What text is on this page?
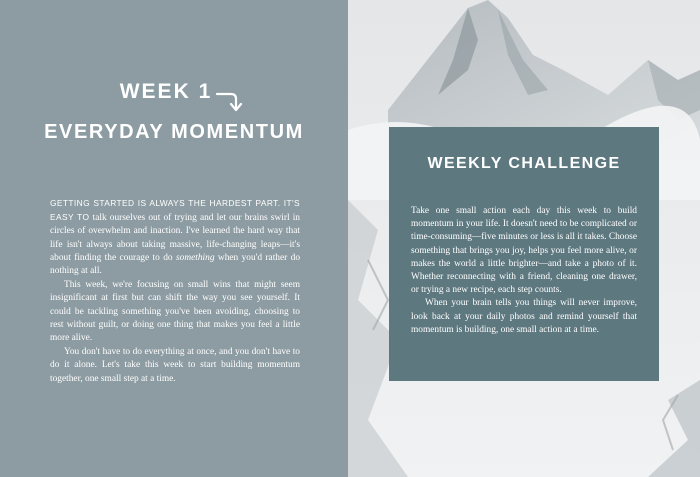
WEEK 1
EVERYDAY MOMENTUM

GETTING STARTED IS ALWAYS THE HARDEST PART. IT'S EASY TO talk ourselves out of trying and let our brains swirl in circles of overwhelm and inaction. I've learned the hard way that life isn't always about taking massive, life-changing leaps—it's about finding the courage to do something when you'd rather do nothing at all.

This week, we're focusing on small wins that might seem insignificant at first but can shift the way you see yourself. It could be tackling something you've been avoiding, choosing to rest without guilt, or doing one thing that makes you feel a little more alive.

You don't have to do everything at once, and you don't have to do it alone. Let's take this week to start building momentum together, one small step at a time.

WEEKLY CHALLENGE

Take one small action each day this week to build momentum in your life. It doesn't need to be complicated or time-consuming—five minutes or less is all it takes. Choose something that brings you joy, helps you feel more alive, or makes the world a little brighter—and take a photo of it. Whether reconnecting with a friend, cleaning one drawer, or trying a new recipe, each step counts.

When your brain tells you things will never improve, look back at your daily photos and remind yourself that momentum is building, one small action at a time.
